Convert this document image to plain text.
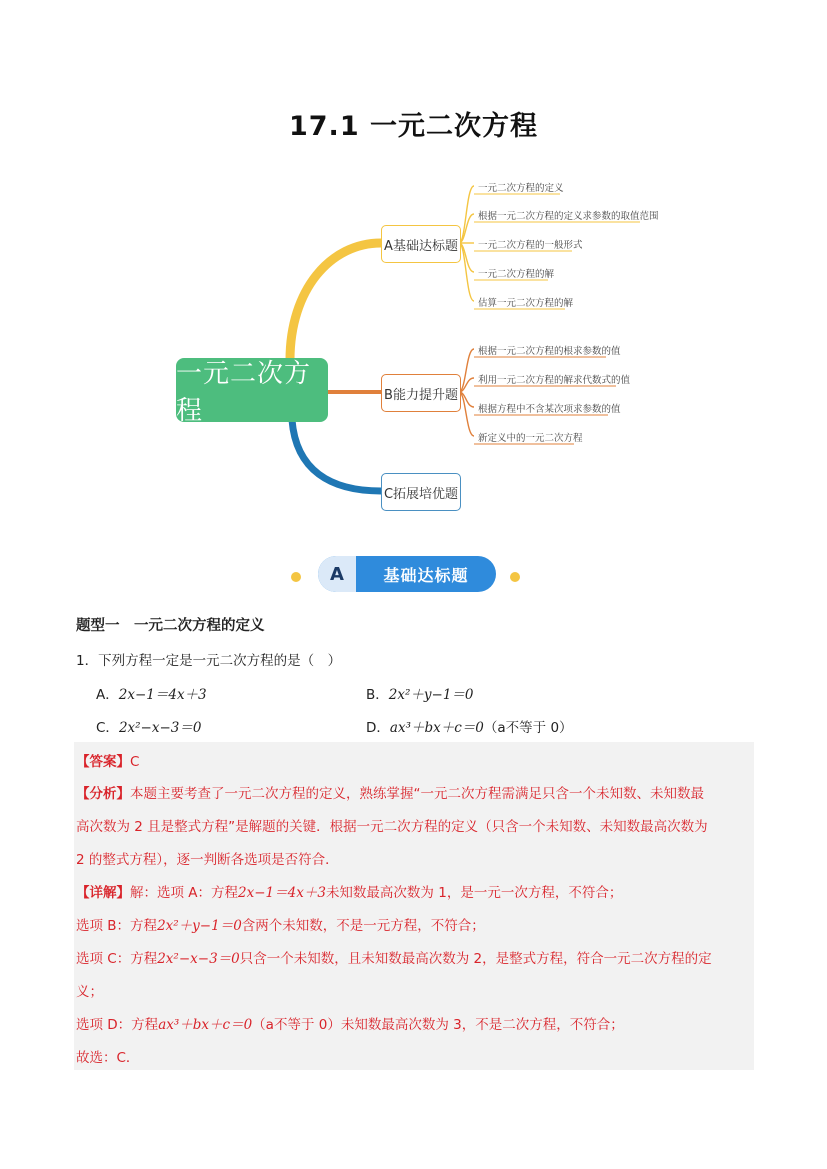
17.1 一元二次方程
一元二次方程
A基础达标题
B能力提升题
C拓展培优题
一元二次方程的定义
根据一元二次方程的定义求参数的取值范围
一元二次方程的一般形式
一元二次方程的解
估算一元二次方程的解
根据一元二次方程的根求参数的值
利用一元二次方程的解求代数式的值
根据方程中不含某次项求参数的值
新定义中的一元二次方程
A	基础达标题
题型一　一元二次方程的定义
1．下列方程一定是一元二次方程的是（　）
A．2x−1＝4x＋3	B．2x²＋y−1＝0
C．2x²−x−3＝0	D．ax³＋bx＋c＝0（a不等于 0）
【答案】C
【分析】本题主要考查了一元二次方程的定义，熟练掌握“一元二次方程需满足只含一个未知数、未知数最
高次数为 2 且是整式方程”是解题的关键．根据一元二次方程的定义（只含一个未知数、未知数最高次数为
2 的整式方程），逐一判断各选项是否符合．
【详解】解：选项 A：方程2x−1＝4x＋3未知数最高次数为 1，是一元一次方程，不符合；
选项 B：方程2x²＋y−1＝0含两个未知数，不是一元方程，不符合；
选项 C：方程2x²−x−3＝0只含一个未知数，且未知数最高次数为 2，是整式方程，符合一元二次方程的定
义；
选项 D：方程ax³＋bx＋c＝0（a不等于 0）未知数最高次数为 3，不是二次方程，不符合；
故选：C．
